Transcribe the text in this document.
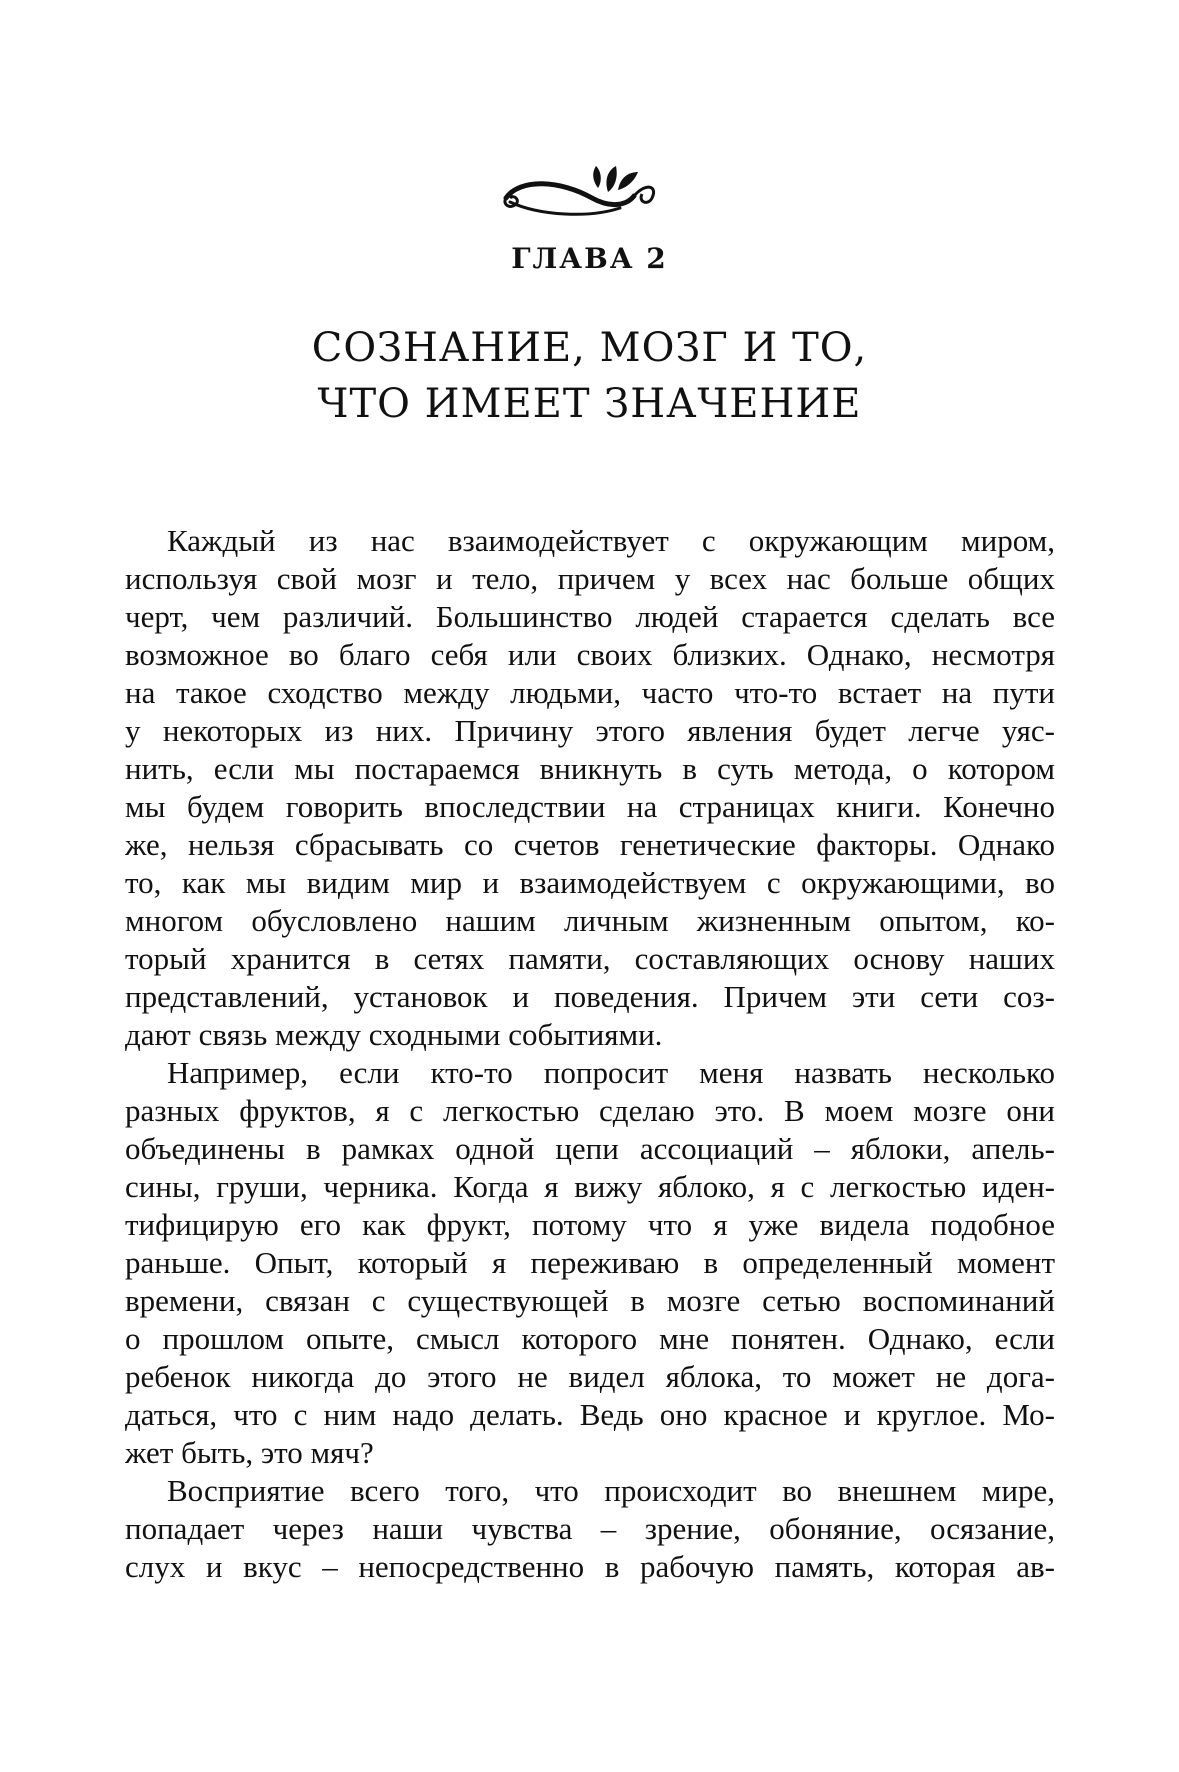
ГЛАВА 2
СОЗНАНИЕ, МОЗГ И ТО,
ЧТО ИМЕЕТ ЗНАЧЕНИЕ
Каждый из нас взаимодействует с окружающим миром,
используя свой мозг и тело, причем у всех нас больше общих
черт, чем различий. Большинство людей старается сделать все
возможное во благо себя или своих близких. Однако, несмотря
на такое сходство между людьми, часто что-то встает на пути
у некоторых из них. Причину этого явления будет легче уяс-
нить, если мы постараемся вникнуть в суть метода, о котором
мы будем говорить впоследствии на страницах книги. Конечно
же, нельзя сбрасывать со счетов генетические факторы. Однако
то, как мы видим мир и взаимодействуем с окружающими, во
многом обусловлено нашим личным жизненным опытом, ко-
торый хранится в сетях памяти, составляющих основу наших
представлений, установок и поведения. Причем эти сети соз-
дают связь между сходными событиями.
Например, если кто-то попросит меня назвать несколько
разных фруктов, я с легкостью сделаю это. В моем мозге они
объединены в рамках одной цепи ассоциаций – яблоки, апель-
сины, груши, черника. Когда я вижу яблоко, я с легкостью иден-
тифицирую его как фрукт, потому что я уже видела подобное
раньше. Опыт, который я переживаю в определенный момент
времени, связан с существующей в мозге сетью воспоминаний
о прошлом опыте, смысл которого мне понятен. Однако, если
ребенок никогда до этого не видел яблока, то может не дога-
даться, что с ним надо делать. Ведь оно красное и круглое. Мо-
жет быть, это мяч?
Восприятие всего того, что происходит во внешнем мире,
попадает через наши чувства – зрение, обоняние, осязание,
слух и вкус – непосредственно в рабочую память, которая ав-
